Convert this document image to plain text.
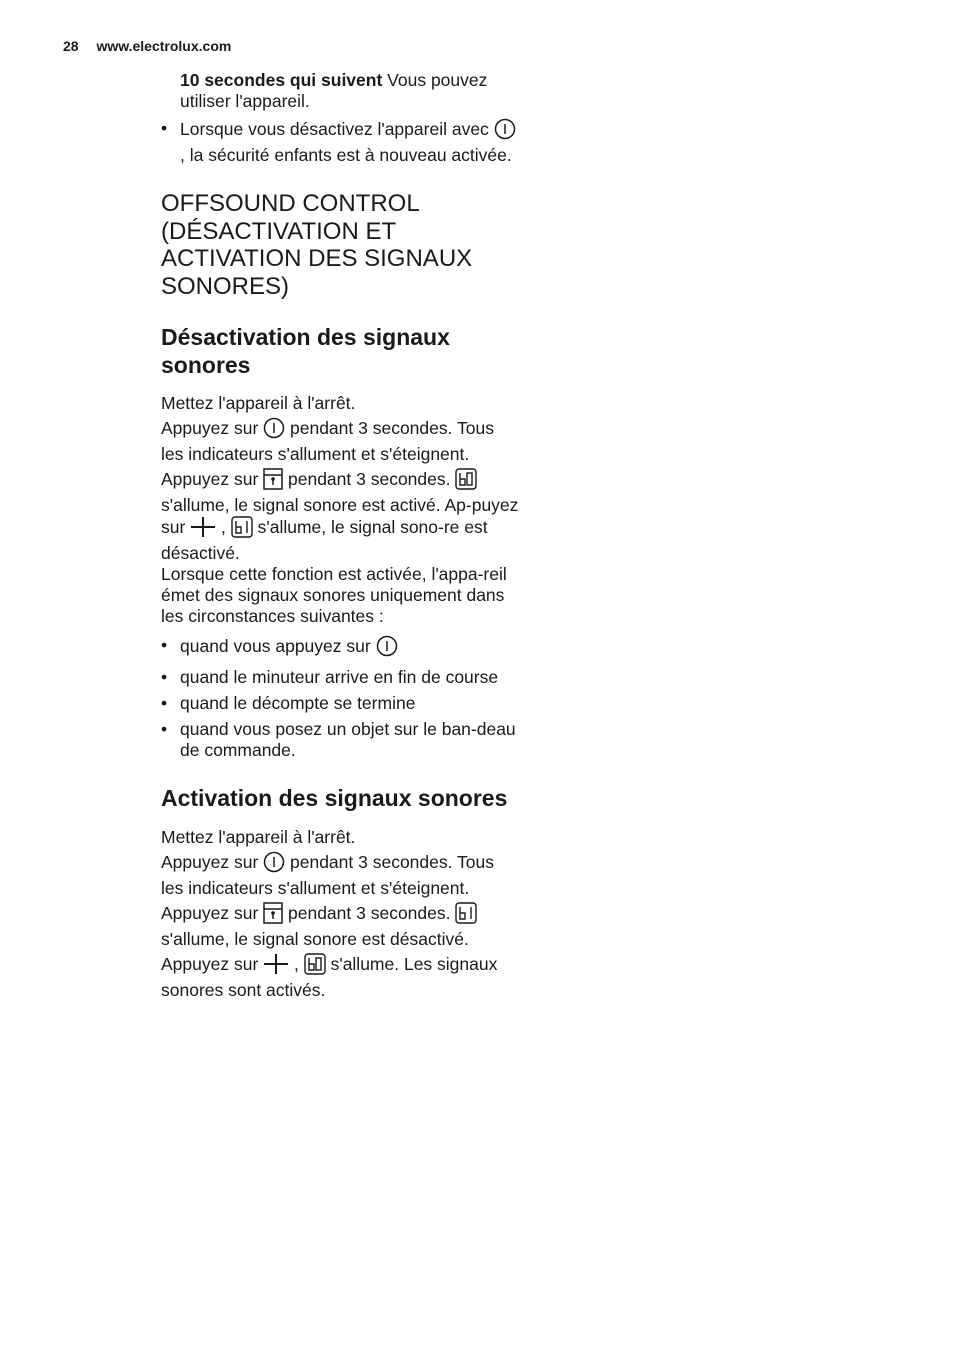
28 www.electrolux.com

10 secondes qui suivent Vous pouvez utiliser l'appareil.

• Lorsque vous désactivez l'appareil avec  , la sécurité enfants est à nouveau activée.

OFFSOUND CONTROL (DÉSACTIVATION ET ACTIVATION DES SIGNAUX SONORES)

Désactivation des signaux sonores

Mettez l'appareil à l'arrêt.

Appuyez sur  pendant 3 secondes. Tous les indicateurs s'allument et s'éteignent.

Appuyez sur  pendant 3 secondes.  s'allume, le signal sonore est activé. Ap-puyez sur  ,  s'allume, le signal sono-re est désactivé.

Lorsque cette fonction est activée, l'appa-reil émet des signaux sonores uniquement dans les circonstances suivantes :

• quand vous appuyez sur
• quand le minuteur arrive en fin de course
• quand le décompte se termine
• quand vous posez un objet sur le ban-deau de commande.
Activation des signaux sonores

Mettez l'appareil à l'arrêt.

Appuyez sur  pendant 3 secondes. Tous les indicateurs s'allument et s'éteignent.

Appuyez sur  pendant 3 secondes.  s'allume, le signal sonore est désactivé.

Appuyez sur  ,  s'allume. Les signaux sonores sont activés.
